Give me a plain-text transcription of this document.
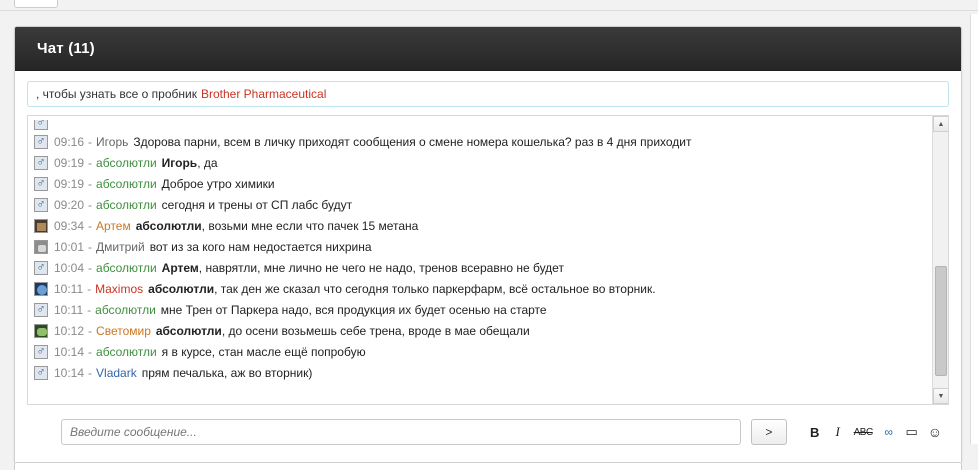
Чат (11)
, чтобы узнать все о пробник Brother Pharmaceutical
♂
♂
09:16 - Игорь Здорова парни, всем в личку приходят сообщения о смене номера кошелька? раз в 4 дня приходит
♂
09:19 - абсолютли Игорь, да
♂
09:19 - абсолютли Доброе утро химики
♂
09:20 - абсолютли сегодня и трены от СП лабс будут
09:34 - Артем абсолютли, возьми мне если что пачек 15 метана
10:01 - Дмитрий вот из за кого нам недостается нихрина
♂
10:04 - абсолютли Артем, наврятли, мне лично не чего не надо, тренов всеравно не будет
10:11 - Maximos абсолютли, так ден же сказал что сегодня только паркерфарм, всё остальное во вторник.
♂
10:11 - абсолютли мне Трен от Паркера надо, вся продукция их будет осенью на старте
10:12 - Светомир абсолютли, до осени возьмешь себе трена, вроде в мае обещали
♂
10:14 - абсолютли я в курсе, стан масле ещё попробую
♂
10:14 - Vladark прям печалька, аж во вторник)
▲
▼
Введите сообщение...
>	B	I	ABC ∞ ▭ ☺
